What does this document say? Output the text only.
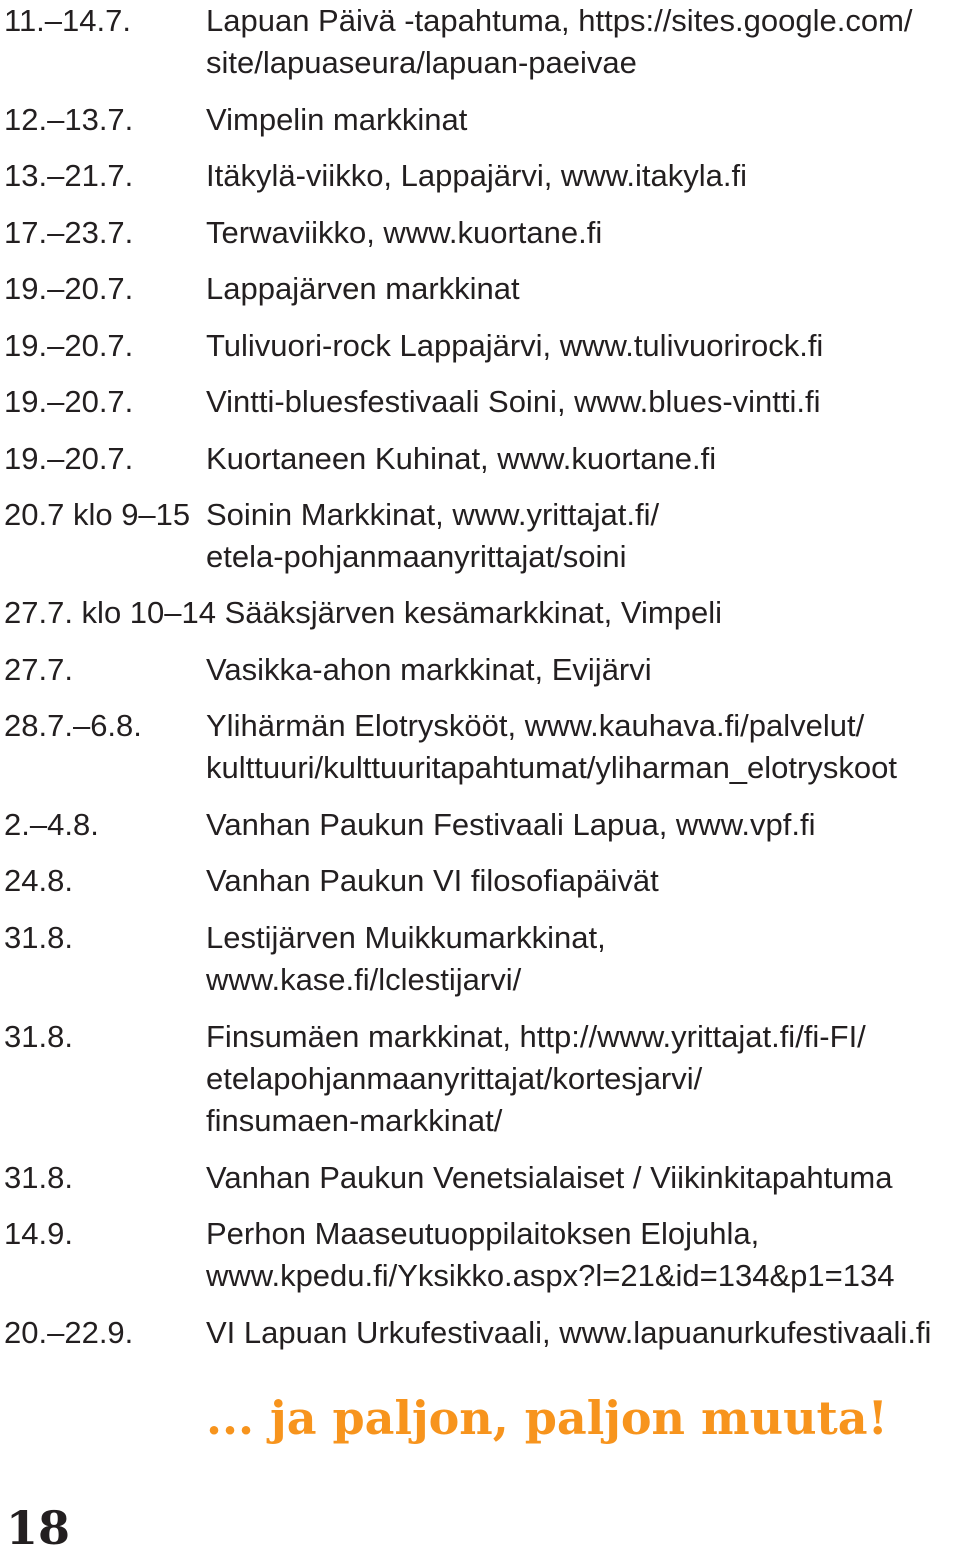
11.–14.7. Lapuan Päivä -tapahtuma, https://sites.google.com/
site/lapuaseura/lapuan-paeivae
12.–13.7. Vimpelin markkinat
13.–21.7. Itäkylä-viikko, Lappajärvi, www.itakyla.fi
17.–23.7. Terwaviikko, www.kuortane.fi
19.–20.7. Lappajärven markkinat
19.–20.7. Tulivuori-rock Lappajärvi, www.tulivuorirock.fi
19.–20.7. Vintti-bluesfestivaali Soini, www.blues-vintti.fi
19.–20.7. Kuortaneen Kuhinat, www.kuortane.fi
20.7 klo 9–15 Soinin Markkinat, www.yrittajat.fi/
etela-pohjanmaanyrittajat/soini
27.7. klo 10–14 Sääksjärven kesämarkkinat, Vimpeli
27.7.	Vasikka-ahon markkinat, Evijärvi
28.7.–6.8. Ylihärmän Elotryskööt, www.kauhava.fi/palvelut/
kulttuuri/kulttuuritapahtumat/yliharman_elotryskoot
2.–4.8.	Vanhan Paukun Festivaali Lapua, www.vpf.fi
24.8.	Vanhan Paukun VI filosofiapäivät
31.8.	Lestijärven Muikkumarkkinat,
www.kase.fi/lclestijarvi/
31.8.	Finsumäen markkinat, http://www.yrittajat.fi/fi-FI/
etelapohjanmaanyrittajat/kortesjarvi/
finsumaen-markkinat/
31.8.	Vanhan Paukun Venetsialaiset / Viikinkitapahtuma
14.9.	Perhon Maaseutuoppilaitoksen Elojuhla,
www.kpedu.fi/Yksikko.aspx?l=21&id=134&p1=134
20.–22.9. VI Lapuan Urkufestivaali, www.lapuanurkufestivaali.fi
... ja paljon, paljon muuta!
18
